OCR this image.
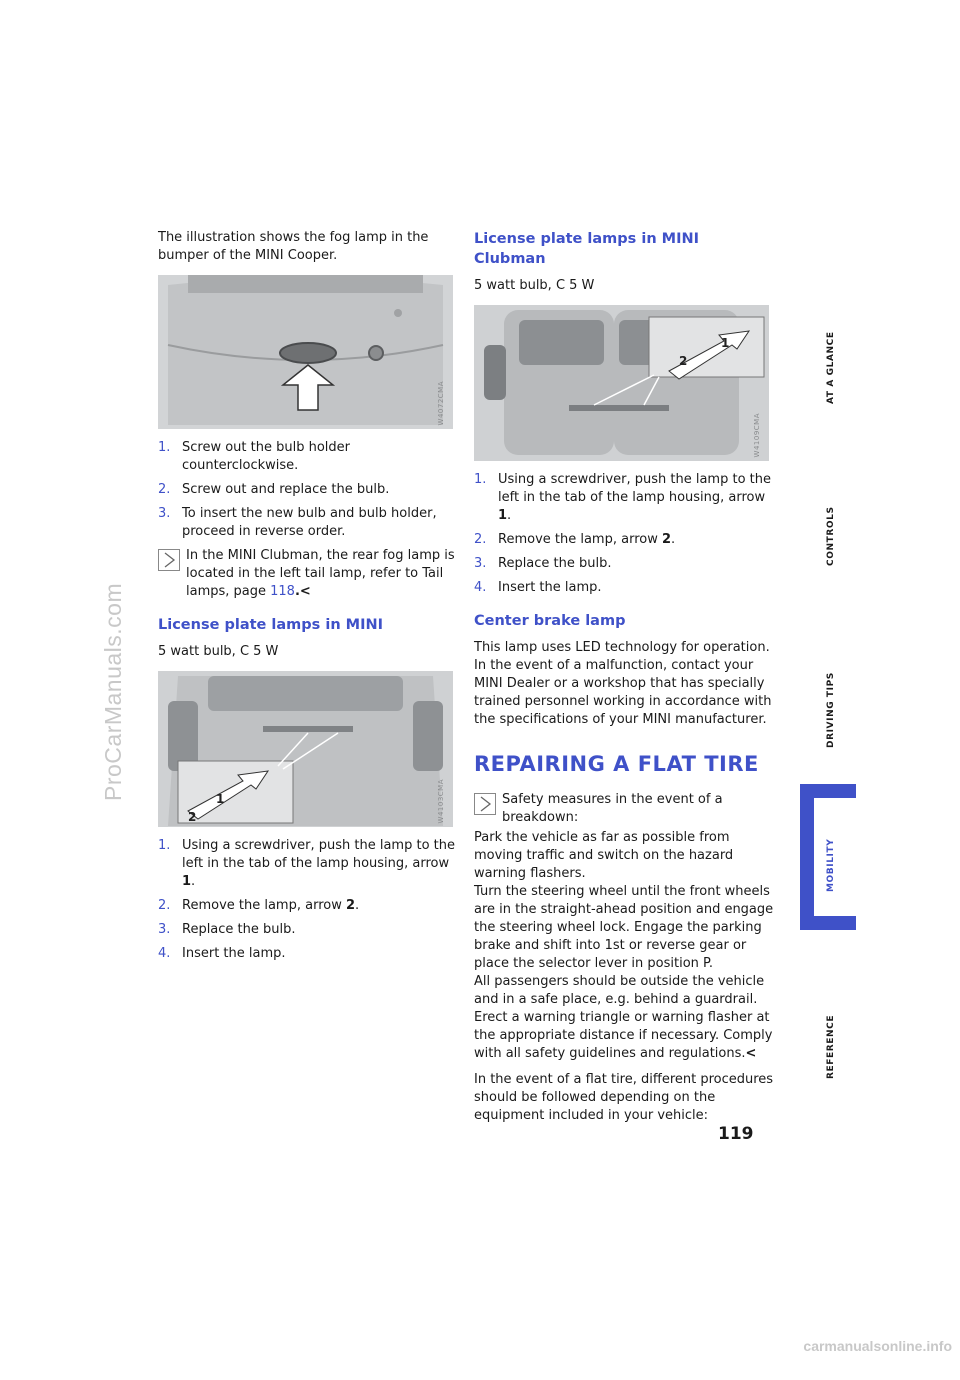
The illustration shows the fog lamp in the bumper of the MINI Cooper.

W4072CMA
1. Screw out the bulb holder counterclockwise.
2. Screw out and replace the bulb.
3. To insert the new bulb and bulb holder, proceed in reverse order.
In the MINI Clubman, the rear fog lamp is located in the left tail lamp, refer to Tail lamps, page 118.<
License plate lamps in MINI

5 watt bulb, C 5 W

1
2	W4103CMA
1. Using a screwdriver, push the lamp to the left in the tab of the lamp housing, arrow 1.
2. Remove the lamp, arrow 2.
3. Replace the bulb.
4. Insert the lamp.
License plate lamps in MINI Clubman

5 watt bulb, C 5 W

1
2
W4109CMA
1. Using a screwdriver, push the lamp to the left in the tab of the lamp housing, arrow 1.
2. Remove the lamp, arrow 2.
3. Replace the bulb.
4. Insert the lamp.
Center brake lamp

This lamp uses LED technology for operation. In the event of a malfunction, contact your MINI Dealer or a workshop that has specially trained personnel working in accordance with the specifications of your MINI manufacturer.

REPAIRING A FLAT TIRE
Safety measures in the event of a breakdown:
Park the vehicle as far as possible from moving traffic and switch on the hazard warning flashers.
Turn the steering wheel until the front wheels are in the straight-ahead position and engage the steering wheel lock. Engage the parking brake and shift into 1st or reverse gear or place the selector lever in position P.
All passengers should be outside the vehicle and in a safe place, e.g. behind a guardrail.
Erect a warning triangle or warning flasher at the appropriate distance if necessary. Comply with all safety guidelines and regulations.<

In the event of a flat tire, different procedures should be followed depending on the equipment included in your vehicle:

AT A GLANCE
CONTROLS
DRIVING TIPS
MOBILITY
REFERENCE
119
ProCarManuals.com
carmanualsonline.info
